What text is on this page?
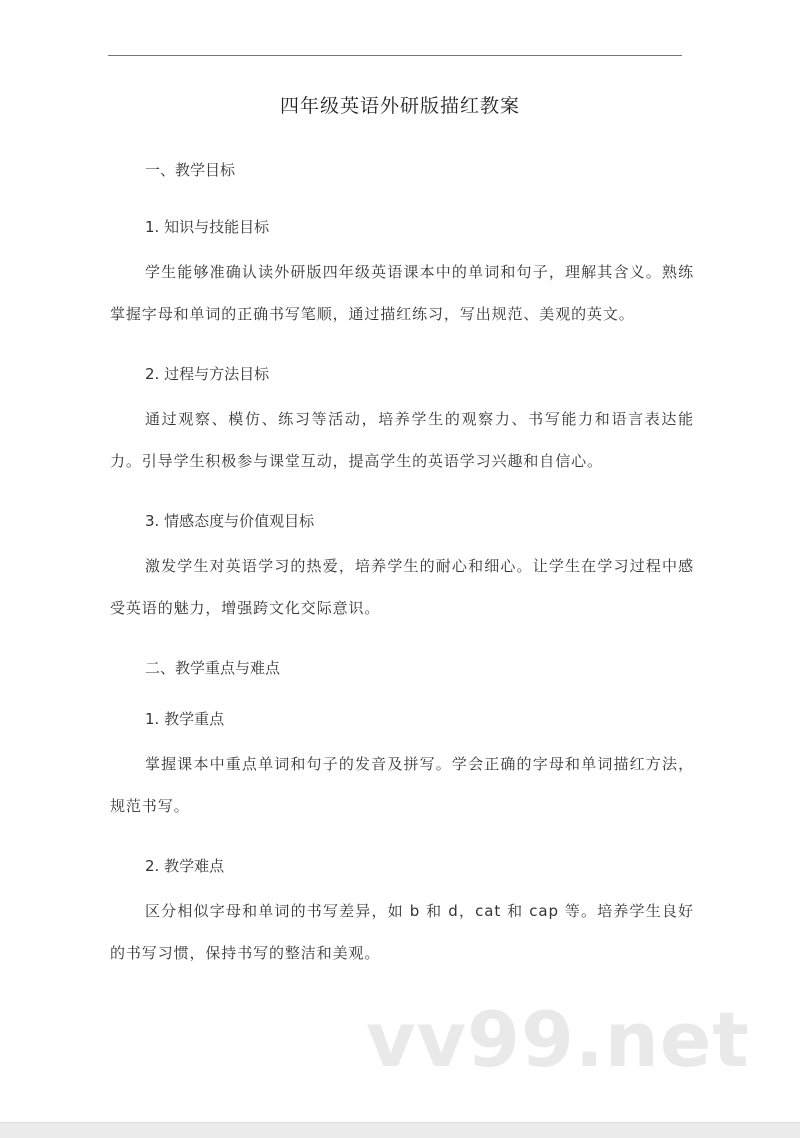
四年级英语外研版描红教案
一、教学目标
1. 知识与技能目标

学生能够准确认读外研版四年级英语课本中的单词和句子，理解其含义。熟练掌握字母和单词的正确书写笔顺，通过描红练习，写出规范、美观的英文。

2. 过程与方法目标

通过观察、模仿、练习等活动，培养学生的观察力、书写能力和语言表达能力。引导学生积极参与课堂互动，提高学生的英语学习兴趣和自信心。

3. 情感态度与价值观目标

激发学生对英语学习的热爱，培养学生的耐心和细心。让学生在学习过程中感受英语的魅力，增强跨文化交际意识。

二、教学重点与难点
1. 教学重点

掌握课本中重点单词和句子的发音及拼写。学会正确的字母和单词描红方法，规范书写。

2. 教学难点

区分相似字母和单词的书写差异，如 b 和 d，cat 和 cap 等。培养学生良好的书写习惯，保持书写的整洁和美观。

vv99.net
